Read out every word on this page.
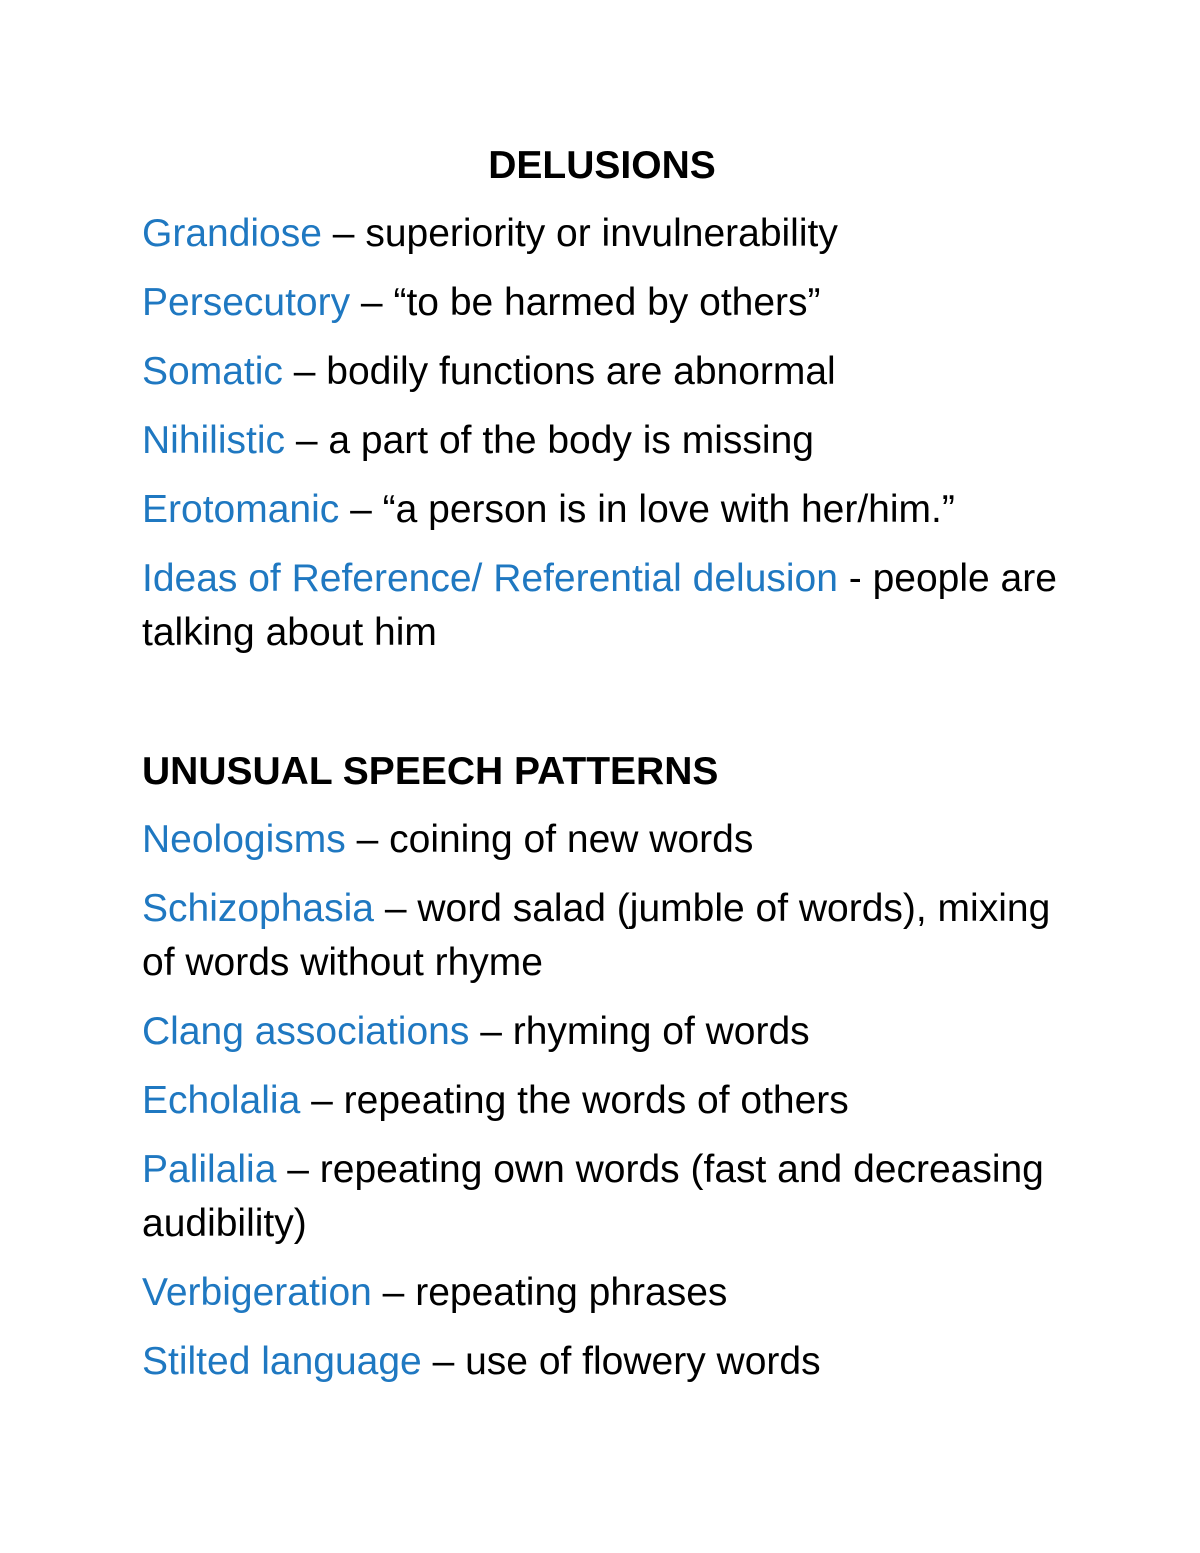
DELUSIONS
Grandiose – superiority or invulnerability
Persecutory – “to be harmed by others”
Somatic – bodily functions are abnormal
Nihilistic – a part of the body is missing
Erotomanic – “a person is in love with her/him.”
Ideas of Reference/ Referential delusion - people are talking about him
UNUSUAL SPEECH PATTERNS
Neologisms – coining of new words
Schizophasia – word salad (jumble of words), mixing of words without rhyme
Clang associations – rhyming of words
Echolalia – repeating the words of others
Palilalia – repeating own words (fast and decreasing audibility)
Verbigeration – repeating phrases
Stilted language – use of flowery words
